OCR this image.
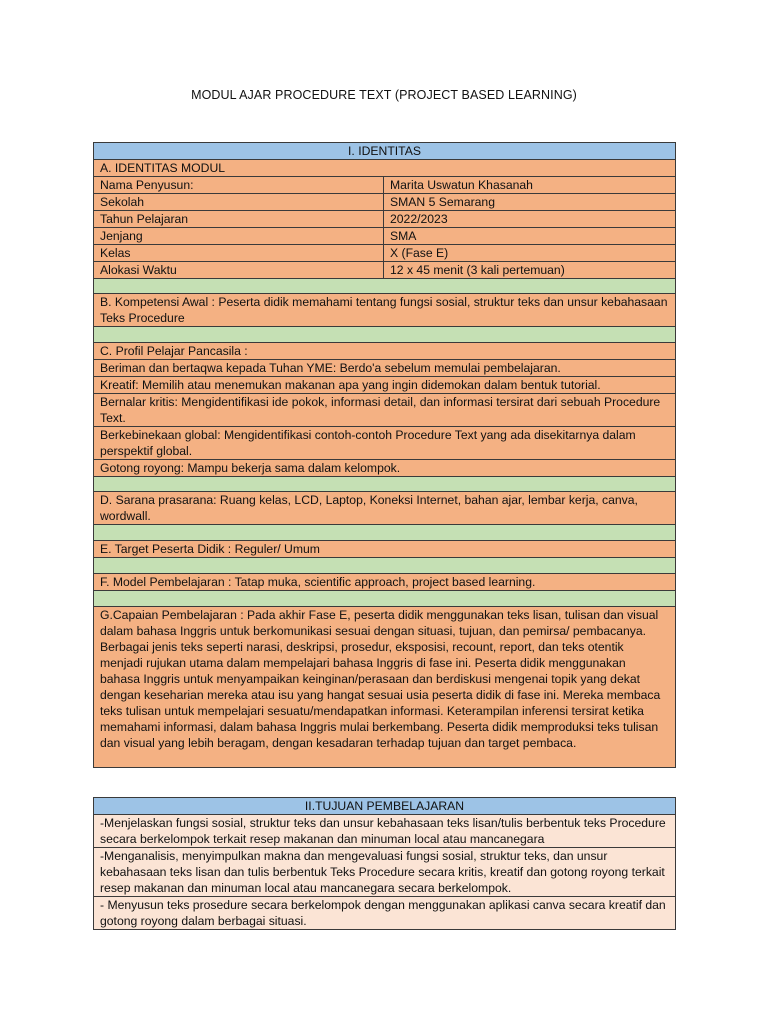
MODUL AJAR PROCEDURE TEXT (PROJECT BASED LEARNING)
I. IDENTITAS	
A. IDENTITAS MODUL	
Nama Penyusun:	Marita Uswatun Khasanah
Sekolah	SMAN 5 Semarang
Tahun Pelajaran	2022/2023
Jenjang	SMA
Kelas	X (Fase E)
Alokasi Waktu	12 x 45 menit (3 kali pertemuan)

B. Kompetensi Awal : Peserta didik memahami tentang fungsi sosial, struktur teks dan unsur kebahasaan Teks Procedure	

C. Profil Pelajar Pancasila :	
Beriman dan bertaqwa kepada Tuhan YME: Berdo'a sebelum memulai pembelajaran.	
Kreatif: Memilih atau menemukan makanan apa yang ingin didemokan dalam bentuk tutorial.	
Bernalar kritis: Mengidentifikasi ide pokok, informasi detail, dan informasi tersirat dari sebuah Procedure Text.	
Berkebinekaan global: Mengidentifikasi contoh-contoh Procedure Text yang ada disekitarnya dalam perspektif global.	
Gotong royong: Mampu bekerja sama dalam kelompok.	

D. Sarana prasarana: Ruang kelas, LCD, Laptop, Koneksi Internet, bahan ajar, lembar kerja, canva, wordwall.	

E. Target Peserta Didik : Reguler/ Umum	

F. Model Pembelajaran : Tatap muka, scientific approach, project based learning.	

G.Capaian Pembelajaran : Pada akhir Fase E, peserta didik menggunakan teks lisan, tulisan dan visual dalam bahasa Inggris untuk berkomunikasi sesuai dengan situasi, tujuan, dan pemirsa/ pembacanya. Berbagai jenis teks seperti narasi, deskripsi, prosedur, eksposisi, recount, report, dan teks otentik menjadi rujukan utama dalam mempelajari bahasa Inggris di fase ini. Peserta didik menggunakan bahasa Inggris untuk menyampaikan keinginan/perasaan dan berdiskusi mengenai topik yang dekat dengan keseharian mereka atau isu yang hangat sesuai usia peserta didik di fase ini. Mereka membaca teks tulisan untuk mempelajari sesuatu/mendapatkan informasi. Keterampilan inferensi tersirat ketika memahami informasi, dalam bahasa Inggris mulai berkembang. Peserta didik memproduksi teks tulisan dan visual yang lebih beragam, dengan kesadaran terhadap tujuan dan target pembaca.	
II.TUJUAN PEMBELAJARAN
-Menjelaskan fungsi sosial, struktur teks dan unsur kebahasaan teks lisan/tulis berbentuk teks Procedure secara berkelompok terkait resep makanan dan minuman local atau mancanegara
-Menganalisis, menyimpulkan makna dan mengevaluasi fungsi sosial, struktur teks, dan unsur kebahasaan teks lisan dan tulis berbentuk Teks Procedure secara kritis, kreatif dan gotong royong terkait resep makanan dan minuman local atau mancanegara secara berkelompok.
- Menyusun teks prosedure secara berkelompok dengan menggunakan aplikasi canva secara kreatif dan gotong royong dalam berbagai situasi.
